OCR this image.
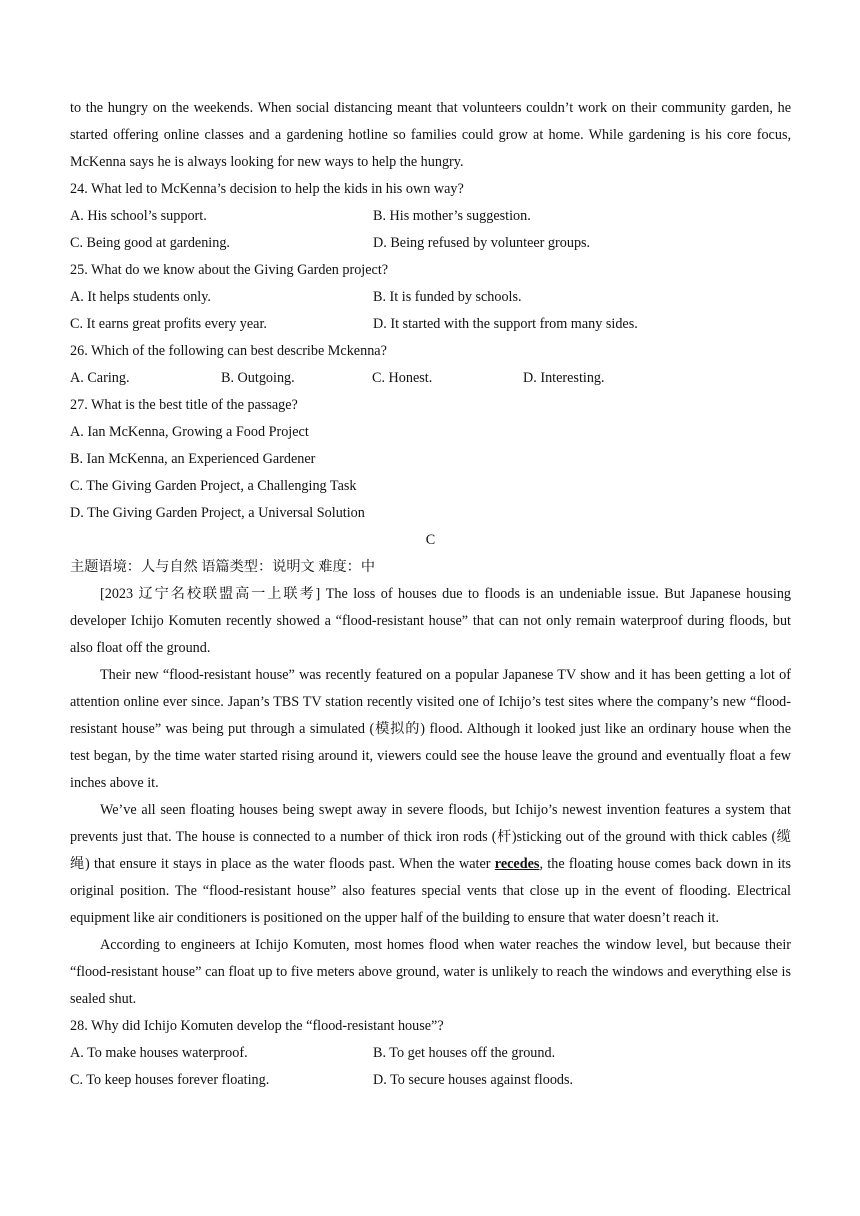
to the hungry on the weekends. When social distancing meant that volunteers couldn’t work on their community garden, he started offering online classes and a gardening hotline so families could grow at home. While gardening is his core focus, McKenna says he is always looking for new ways to help the hungry.

24. What led to McKenna’s decision to help the kids in his own way?
A. His school’s support.	B. His mother’s suggestion.
C. Being good at gardening.	D. Being refused by volunteer groups.
25. What do we know about the Giving Garden project?
A. It helps students only.	B. It is funded by schools.
C. It earns great profits every year.	D. It started with the support from many sides.
26. Which of the following can best describe Mckenna?
A. Caring.	B. Outgoing.	C. Honest.	D. Interesting.
27. What is the best title of the passage?
A. Ian McKenna, Growing a Food Project
B. Ian McKenna, an Experienced Gardener
C. The Giving Garden Project, a Challenging Task
D. The Giving Garden Project, a Universal Solution
C
主题语境：人与自然 语篇类型：说明文 难度：中

[2023 辽宁名校联盟高一上联考] The loss of houses due to floods is an undeniable issue. But Japanese housing developer Ichijo Komuten recently showed a “flood-resistant house” that can not only remain waterproof during floods, but also float off the ground.

Their new “flood-resistant house” was recently featured on a popular Japanese TV show and it has been getting a lot of attention online ever since. Japan’s TBS TV station recently visited one of Ichijo’s test sites where the company’s new “flood-resistant house” was being put through a simulated (模拟的) flood. Although it looked just like an ordinary house when the test began, by the time water started rising around it, viewers could see the house leave the ground and eventually float a few inches above it.

We’ve all seen floating houses being swept away in severe floods, but Ichijo’s newest invention features a system that prevents just that. The house is connected to a number of thick iron rods (杆)sticking out of the ground with thick cables (缆绳) that ensure it stays in place as the water floods past. When the water recedes, the floating house comes back down in its original position. The “flood-resistant house” also features special vents that close up in the event of flooding. Electrical equipment like air conditioners is positioned on the upper half of the building to ensure that water doesn’t reach it.

According to engineers at Ichijo Komuten, most homes flood when water reaches the window level, but because their “flood-resistant house” can float up to five meters above ground, water is unlikely to reach the windows and everything else is sealed shut.

28. Why did Ichijo Komuten develop the “flood-resistant house”?
A. To make houses waterproof.	B. To get houses off the ground.
C. To keep houses forever floating.	D. To secure houses against floods.
